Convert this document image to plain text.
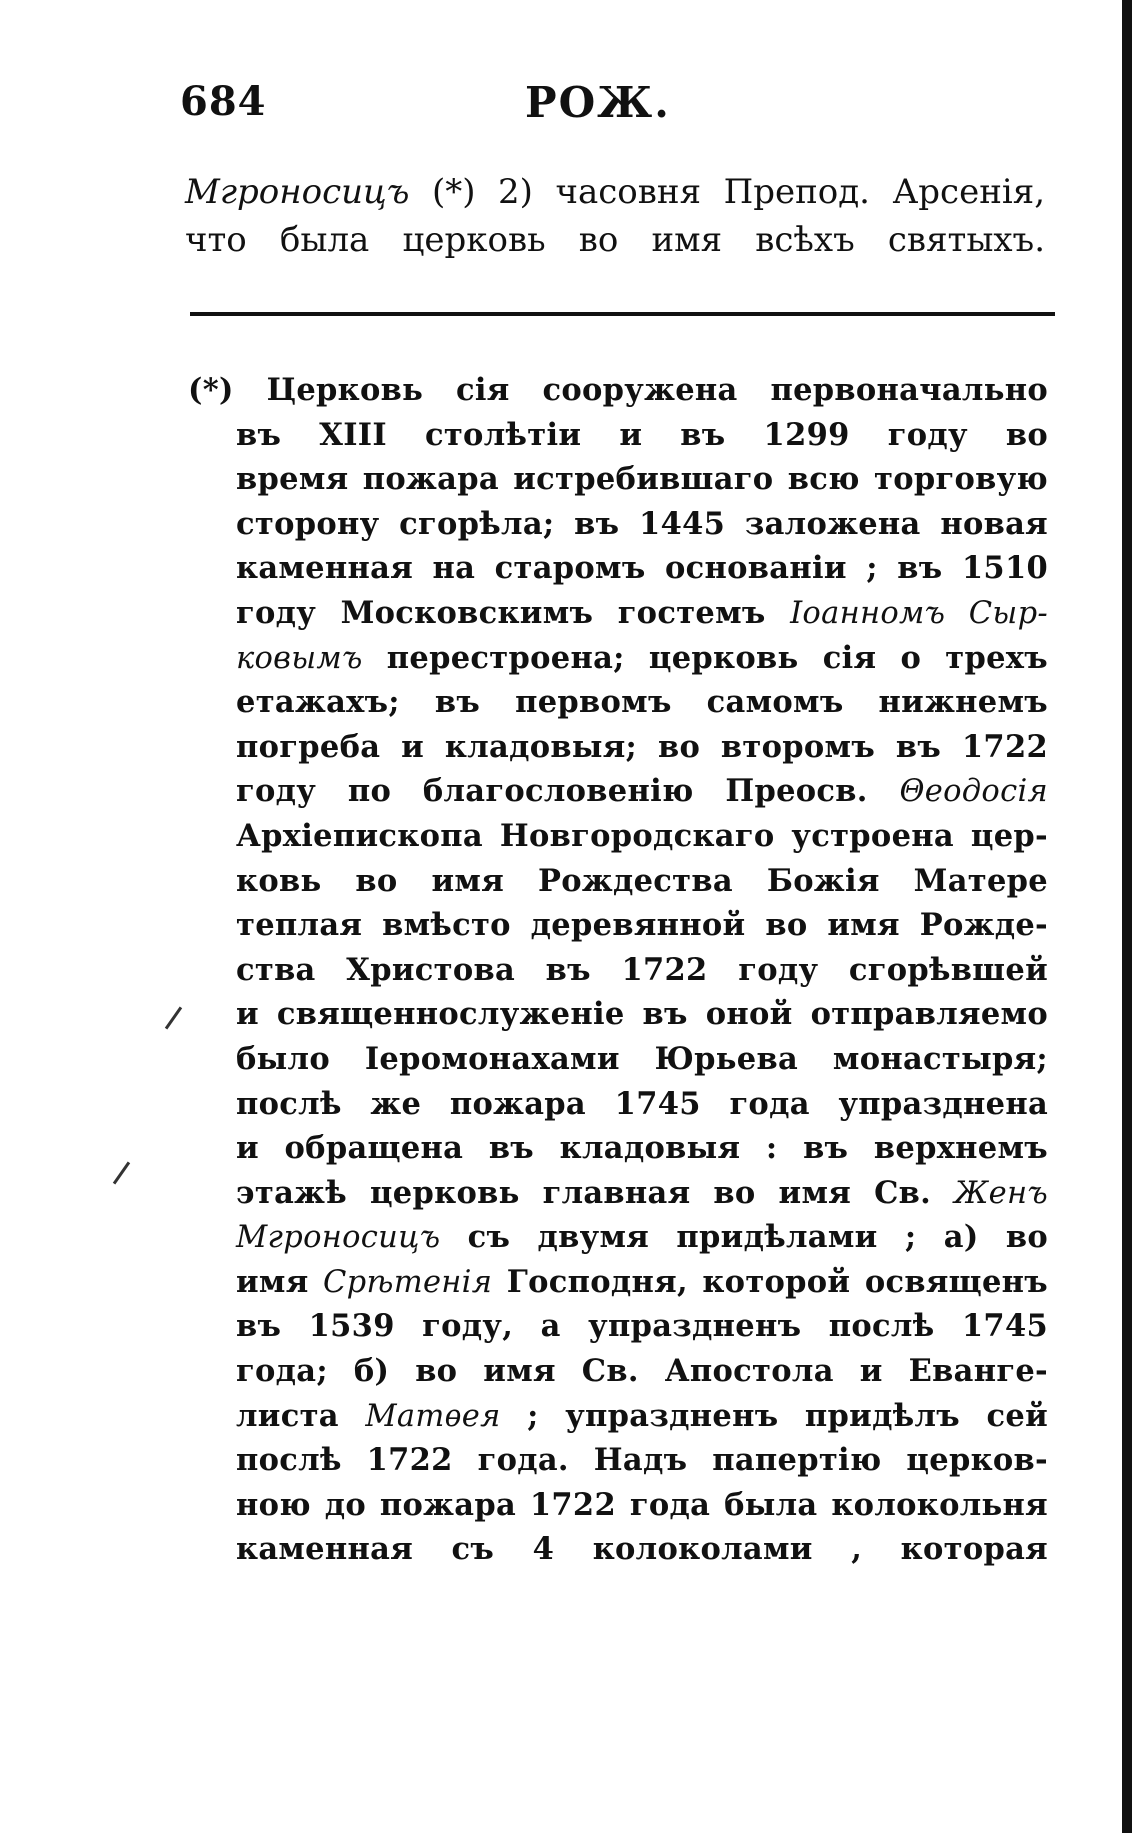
684	РОЖ.
Мгроносицъ (*) 2) часовня Препод. Арсенія,
что была церковь во имя всѣхъ святыхъ.
(*) Церковь сія сооружена первоначально
въ XIII столѣтіи и въ 1299 году во
время пожара истребившаго всю торговую
сторону сгорѣла; въ 1445 заложена новая
каменная на старомъ основаніи ; въ 1510
году Московскимъ гостемъ Іоанномъ Сыр-
ковымъ перестроена; церковь сія о трехъ
етажахъ; въ первомъ самомъ нижнемъ
погреба и кладовыя; во второмъ въ 1722
году по благословенію Преосв. Θеодосія
Архіепископа Новгородскаго устроена цер-
ковь во имя Рождества Божія Матере
теплая вмѣсто деревянной во имя Рожде-
ства Христова въ 1722 году сгорѣвшей
и священнослуженіе въ оной отправляемо
было Іеромонахами Юрьева монастыря;
послѣ же пожара 1745 года упразднена
и обращена въ кладовыя : въ верхнемъ
этажѣ церковь главная во имя Св. Женъ
Мгроносицъ съ двумя придѣлами ; а) во
имя Срѣтенія Господня, которой освященъ
въ 1539 году, а упраздненъ послѣ 1745
года; б) во имя Св. Апостола и Еванге-
листа Матѳея ; упраздненъ придѣлъ сей
послѣ 1722 года. Надъ папертію церков-
ною до пожара 1722 года была колокольня
каменная съ 4 колоколами , которая
